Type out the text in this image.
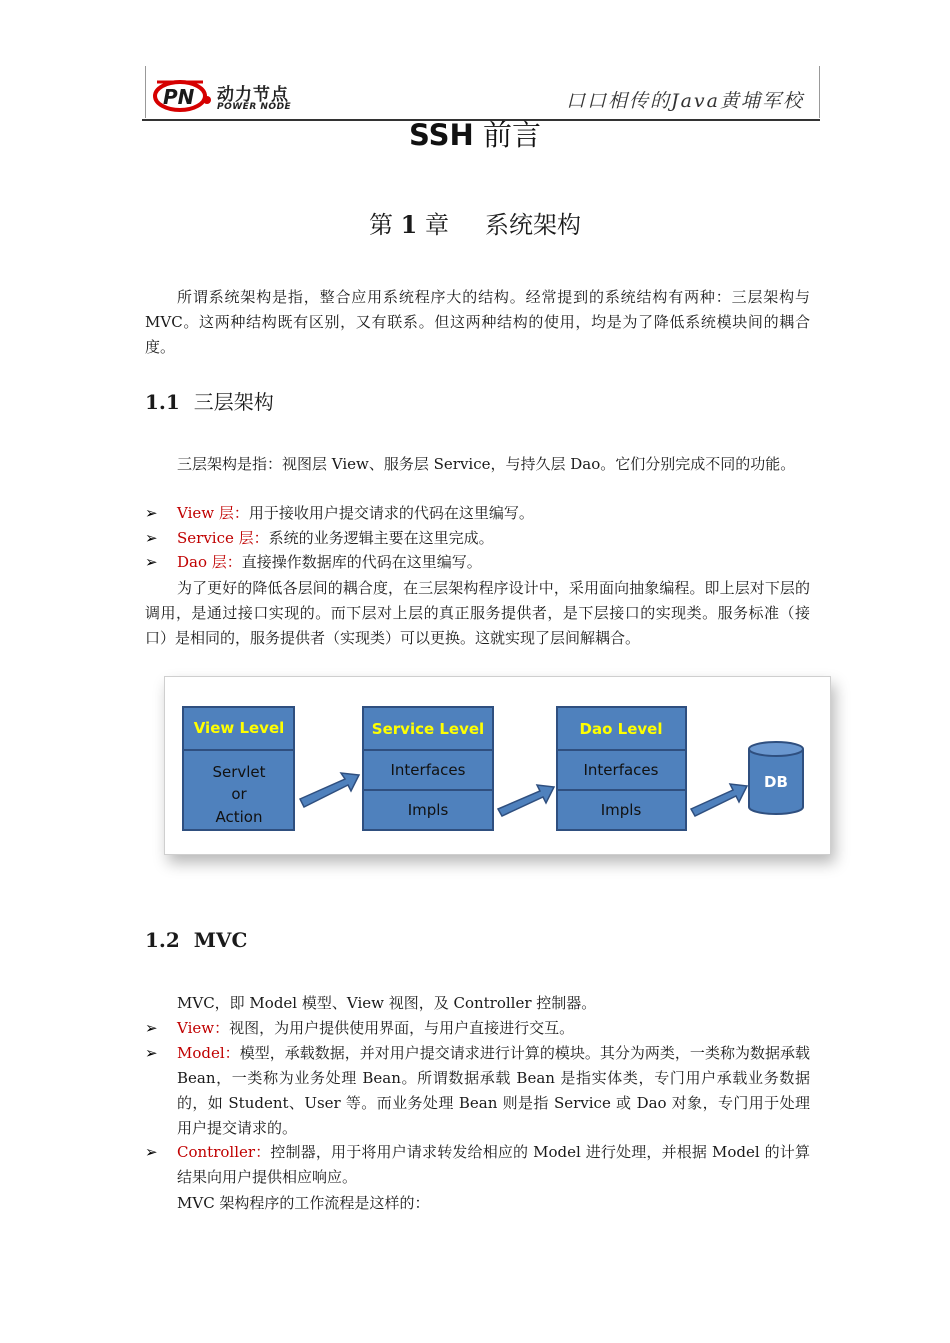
PN 动力节点
POWER NODE	口口相传的Java黄埔军校
SSH 前言
第 1 章 系统架构

所谓系统架构是指，整合应用系统程序大的结构。经常提到的系统结构有两种：三层架构与 MVC。这两种结构既有区别，又有联系。但这两种结构的使用，均是为了降低系统模块间的耦合度。

1.1 三层架构

三层架构是指：视图层 View、服务层 Service，与持久层 Dao。它们分别完成不同的功能。

➢ View 层：用于接收用户提交请求的代码在这里编写。
➢ Service 层：系统的业务逻辑主要在这里完成。
➢ Dao 层：直接操作数据库的代码在这里编写。

为了更好的降低各层间的耦合度，在三层架构程序设计中，采用面向抽象编程。即上层对下层的调用，是通过接口实现的。而下层对上层的真正服务提供者，是下层接口的实现类。服务标准（接口）是相同的，服务提供者（实现类）可以更换。这就实现了层间解耦合。

View Level
Servlet
or
Action
Service Level
Interfaces
Impls
Dao Level
Interfaces
Impls
DB
1.2 MVC

MVC，即 Model 模型、View 视图，及 Controller 控制器。

➢ View：视图，为用户提供使用界面，与用户直接进行交互。
➢ Model：模型，承载数据，并对用户提交请求进行计算的模块。其分为两类，一类称为数据承载 Bean，一类称为业务处理 Bean。所谓数据承载 Bean 是指实体类，专门用户承载业务数据的，如 Student、User 等。而业务处理 Bean 则是指 Service 或 Dao 对象，专门用于处理用户提交请求的。
➢ Controller：控制器，用于将用户请求转发给相应的 Model 进行处理，并根据 Model 的计算结果向用户提供相应响应。

MVC 架构程序的工作流程是这样的：
